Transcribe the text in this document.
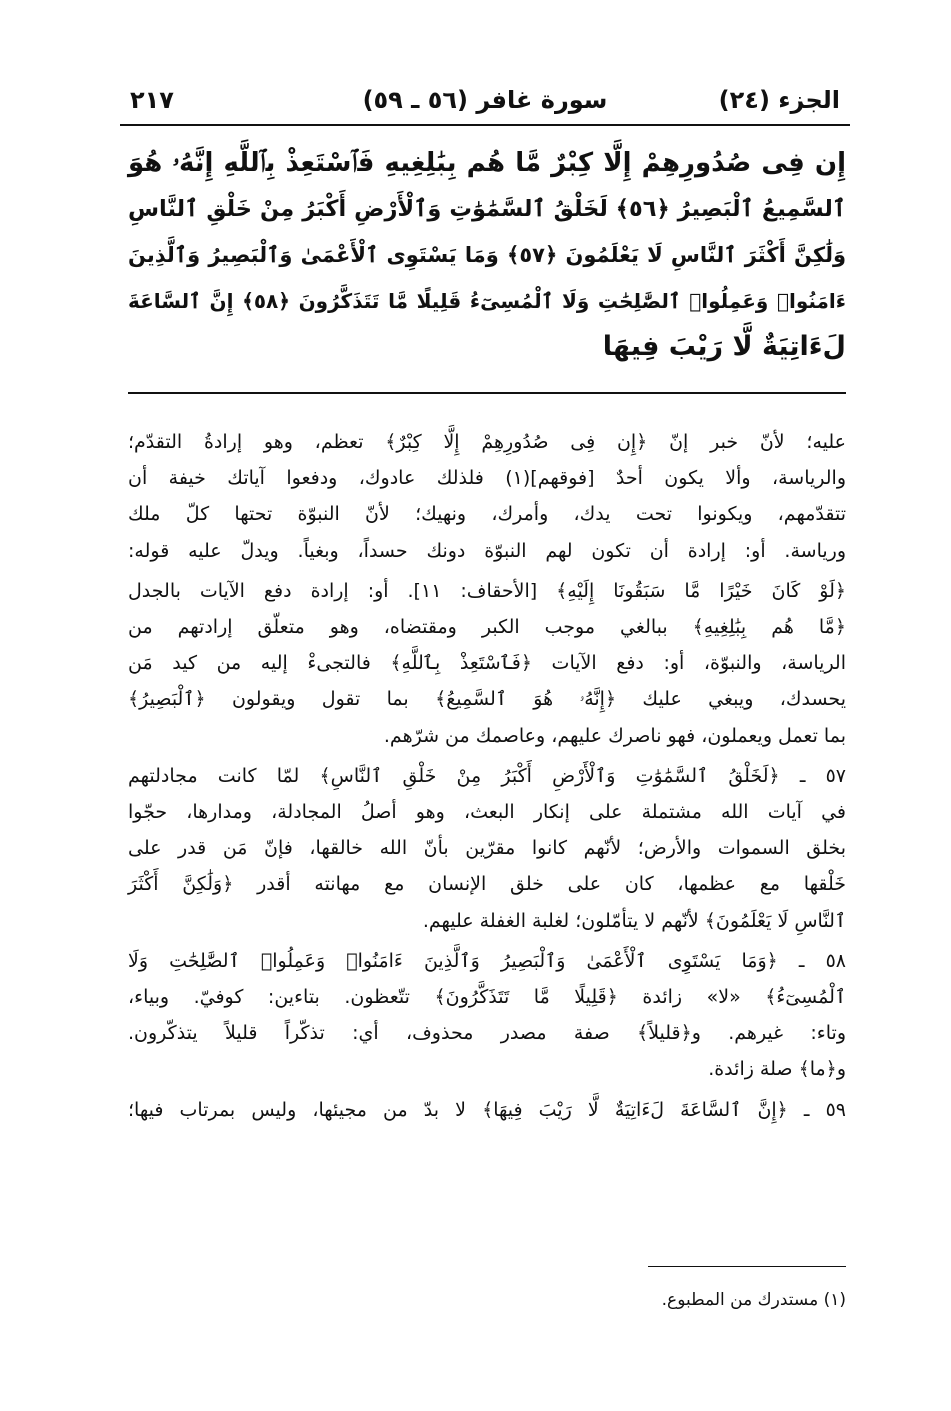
الجزء (٢٤)
سورة غافر (٥٦ ـ ٥٩)
٢١٧
إِن فِى صُدُورِهِمْ إِلَّا كِبْرٌ مَّا هُم بِبَٰلِغِيهِ فَٱسْتَعِذْ بِٱللَّهِ إِنَّهُۥ هُوَ
ٱلسَّمِيعُ ٱلْبَصِيرُ ﴿٥٦﴾ لَخَلْقُ ٱلسَّمَٰوَٰتِ وَٱلْأَرْضِ أَكْبَرُ مِنْ خَلْقِ ٱلنَّاسِ
وَلَٰكِنَّ أَكْثَرَ ٱلنَّاسِ لَا يَعْلَمُونَ ﴿٥٧﴾ وَمَا يَسْتَوِى ٱلْأَعْمَىٰ وَٱلْبَصِيرُ وَٱلَّذِينَ
ءَامَنُوا۟ وَعَمِلُوا۟ ٱلصَّٰلِحَٰتِ وَلَا ٱلْمُسِىٓءُ قَلِيلًا مَّا تَتَذَكَّرُونَ ﴿٥٨﴾ إِنَّ ٱلسَّاعَةَ
لَءَاتِيَةٌ لَّا رَيْبَ فِيهَا
عليه؛ لأنّ خبر إنّ ﴿إِن فِى صُدُورِهِمْ إِلَّا كِبْرٌ﴾ تعظم، وهو إرادةُ التقدّم؛
والرياسة، وألا يكون أحدٌ [فوقهم](١) فلذلك عادوك، ودفعوا آياتك خيفة أن
تتقدّمهم، ويكونوا تحت يدك، وأمرك، ونهيك؛ لأنّ النبوّة تحتها كلّ ملك
ورياسة. أو: إرادة أن تكون لهم النبوّة دونك حسداً، وبغياً. ويدلّ عليه قوله:
﴿لَوْ كَانَ خَيْرًا مَّا سَبَقُونَا إِلَيْهِ﴾ [الأحقاف: ١١]. أو: إرادة دفع الآيات بالجدل
﴿مَّا هُم بِبَٰلِغِيهِ﴾ ببالغي موجب الكبر ومقتضاه، وهو متعلّق إرادتهم من
الرياسة، والنبوّة، أو: دفع الآيات ﴿فَٱسْتَعِذْ بِٱللَّهِ﴾ فالتجىءْ إليه من كيد مَن
يحسدك، ويبغي عليك ﴿إِنَّهُۥ هُوَ ٱلسَّمِيعُ﴾ بما تقول ويقولون ﴿ٱلْبَصِيرُ﴾
بما تعمل ويعملون، فهو ناصرك عليهم، وعاصمك من شرّهم.
٥٧ ـ ﴿لَخَلْقُ ٱلسَّمَٰوَٰتِ وَٱلْأَرْضِ أَكْبَرُ مِنْ خَلْقِ ٱلنَّاسِ﴾ لمّا كانت مجادلتهم
في آيات الله مشتملة على إنكار البعث، وهو أصلُ المجادلة، ومدارها، حجّوا
بخلق السموات والأرض؛ لأنّهم كانوا مقرّين بأنّ الله خالقها، فإنّ مَن قدر على
خَلْقها مع عظمها، كان على خلق الإنسان مع مهانته أقدر ﴿وَلَٰكِنَّ أَكْثَرَ
ٱلنَّاسِ لَا يَعْلَمُونَ﴾ لأنّهم لا يتأمّلون؛ لغلبة الغفلة عليهم.
٥٨ ـ ﴿وَمَا يَسْتَوِى ٱلْأَعْمَىٰ وَٱلْبَصِيرُ وَٱلَّذِينَ ءَامَنُوا۟ وَعَمِلُوا۟ ٱلصَّٰلِحَٰتِ وَلَا
ٱلْمُسِىٓءُ﴾ «لا» زائدة ﴿قَلِيلًا مَّا تَتَذَكَّرُونَ﴾ تتّعظون. بتاءين: كوفيّ. وبياء،
وتاء: غيرهم. و﴿قليلاً﴾ صفة مصدر محذوف، أي: تذكّراً قليلاً يتذكّرون.
و﴿ما﴾ صلة زائدة.
٥٩ ـ ﴿إِنَّ ٱلسَّاعَةَ لَءَاتِيَةٌ لَّا رَيْبَ فِيهَا﴾ لا بدّ من مجيئها، وليس بمرتاب فيها؛
(١) مستدرك من المطبوع.
